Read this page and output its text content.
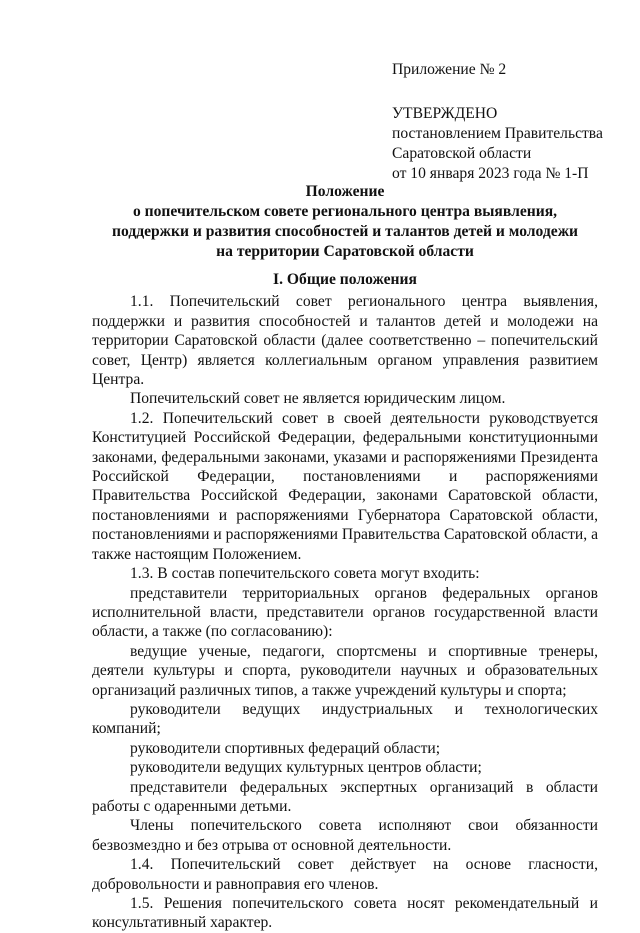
Приложение № 2
УТВЕРЖДЕНО
постановлением Правительства
Саратовской области
от 10 января 2023 года № 1-П
Положение
о попечительском совете регионального центра выявления,
поддержки и развития способностей и талантов детей и молодежи
на территории Саратовской области
I. Общие положения

1.1. Попечительский совет регионального центра выявления, поддержки и развития способностей и талантов детей и молодежи на территории Саратовской области (далее соответственно – попечительский совет, Центр) является коллегиальным органом управления развитием Центра.

Попечительский совет не является юридическим лицом.

1.2. Попечительский совет в своей деятельности руководствуется Конституцией Российской Федерации, федеральными конституционными законами, федеральными законами, указами и распоряжениями Президента Российской Федерации, постановлениями и распоряжениями Правительства Российской Федерации, законами Саратовской области, постановлениями и распоряжениями Губернатора Саратовской области, постановлениями и распоряжениями Правительства Саратовской области, а также настоящим Положением.

1.3. В состав попечительского совета могут входить:

представители территориальных органов федеральных органов исполнительной власти, представители органов государственной власти области, а также (по согласованию):

ведущие ученые, педагоги, спортсмены и спортивные тренеры, деятели культуры и спорта, руководители научных и образовательных организаций различных типов, а также учреждений культуры и спорта;

руководители ведущих индустриальных и технологических компаний;

руководители спортивных федераций области;

руководители ведущих культурных центров области;

представители федеральных экспертных организаций в области работы с одаренными детьми.

Члены попечительского совета исполняют свои обязанности безвозмездно и без отрыва от основной деятельности.

1.4. Попечительский совет действует на основе гласности, добровольности и равноправия его членов.

1.5. Решения попечительского совета носят рекомендательный и консультативный характер.
